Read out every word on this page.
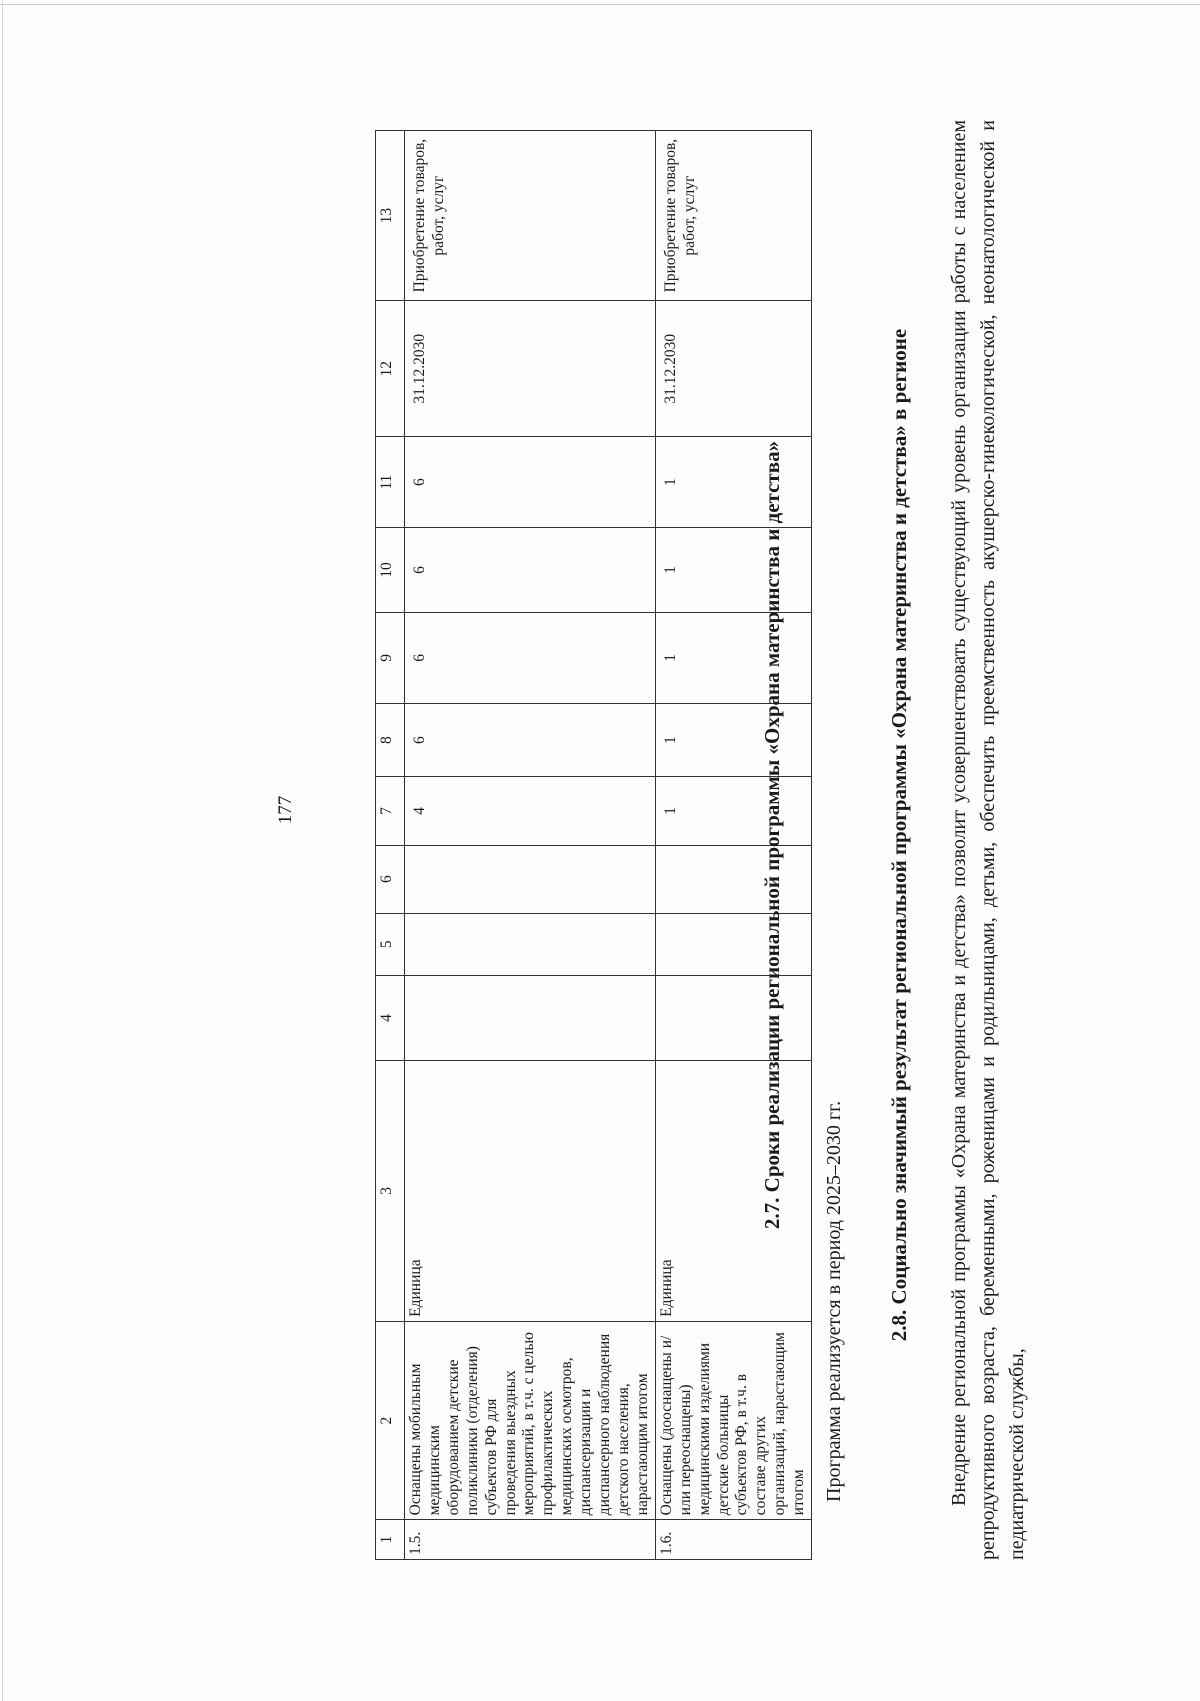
1	2	3	4	5	6	7	8	9	10	11	12	13
1.5.	Оснащены мобильным медицинским оборудованием детские поликлиники (отделения) субъектов РФ для проведения выездных мероприятий, в т.ч. с целью профилактических медицинских осмотров, диспансеризации и диспансерного наблюдения детского населения, нарастающим итогом	Единица				4	6	6	6	6	31.12.2030	Приобретение товаров, работ, услуг
1.6.	Оснащены (дооснащены и/или переоснащены) медицинскими изделиями детские больницы субъектов РФ, в т.ч. в составе других организаций, нарастающим итогом	Единица				1	1	1	1	1	31.12.2030	Приобретение товаров, работ, услуг
177	2.7. Сроки реализации региональной программы «Охрана материнства и детства»
Программа реализуется в период 2025–2030 гг. 2.8. Социально значимый результат региональной программы «Охрана материнства и детства» в регионе Внедрение региональной программы «Охрана материнства и детства» позволит усовершенствовать существующий уровень организации работы с населением репродуктивного возраста, беременными, роженицами и родильницами, детьми, обеспечить преемственность акушерско-гинекологической, неонатологической и педиатрической службы,
